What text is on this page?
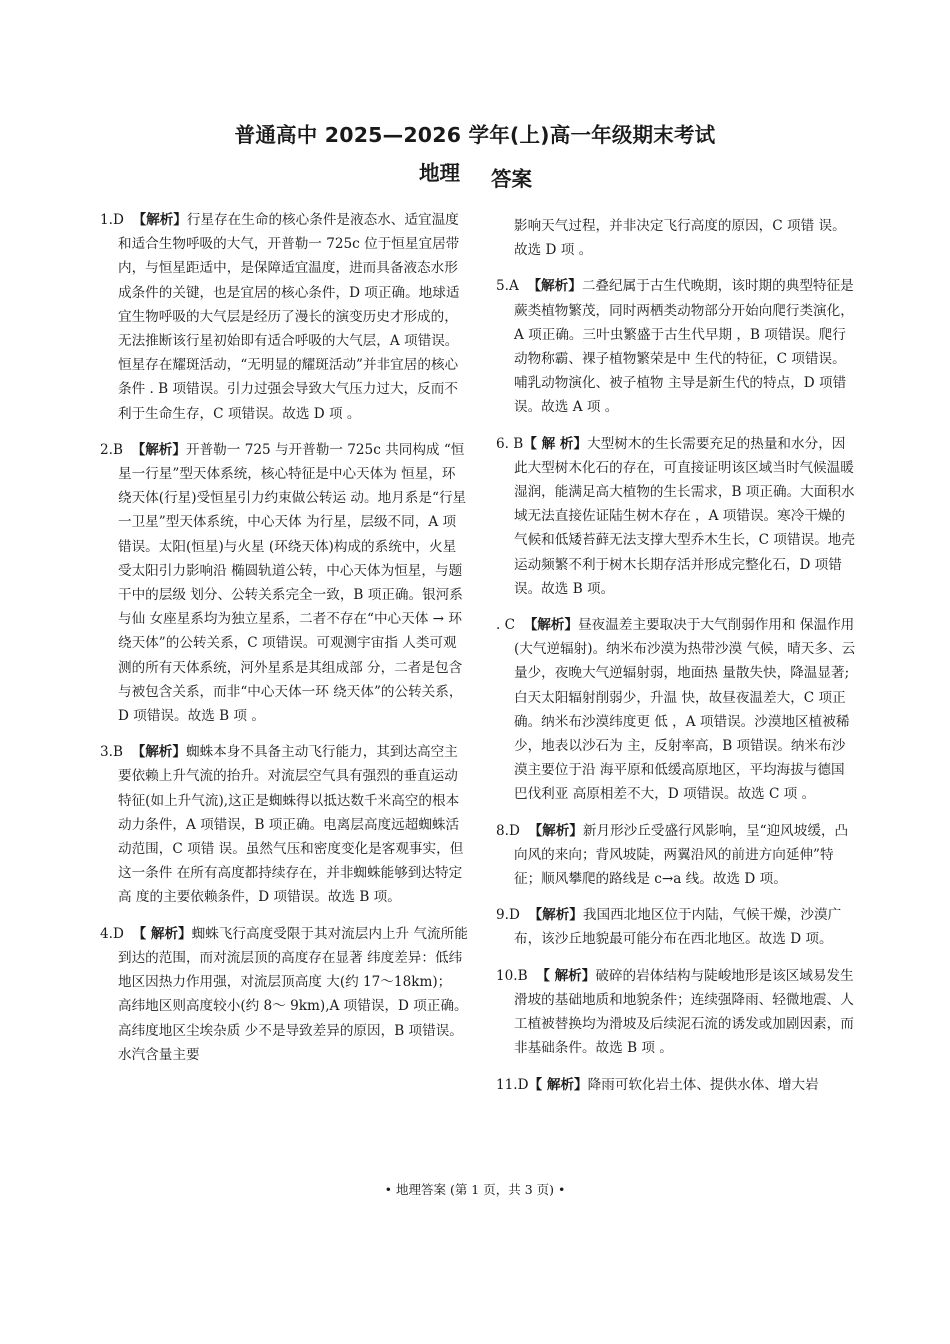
普通高中 2025—2026 学年(上)高一年级期末考试
地理 答案
1.D 【解析】行星存在生命的核心条件是液态水、适宜温度和适合生物呼吸的大气，开普勒一 725c 位于恒星宜居带内，与恒星距适中，是保障适宜温度，进而具备液态水形成条件的关键，也是宜居的核心条件，D 项正确。地球适宜生物呼吸的大气层是经历了漫长的演变历史才形成的，无法推断该行星初始即有适合呼吸的大气层，A 项错误。恒星存在耀斑活动，“无明显的耀斑活动”并非宜居的核心条件 . B 项错误。引力过强会导致大气压力过大，反而不利于生命生存，C 项错误。故选 D 项 。
2.B 【解析】开普勒一 725 与开普勒一 725c 共同构成 “恒星一行星”型天体系统，核心特征是中心天体为 恒星，环绕天体(行星)受恒星引力约束做公转运 动。地月系是“行星一卫星”型天体系统，中心天体 为行星，层级不同，A 项错误。太阳(恒星)与火星 (环绕天体)构成的系统中，火星受太阳引力影响沿 椭圆轨道公转，中心天体为恒星，与题干中的层级 划分、公转关系完全一致，B 项正确。银河系与仙 女座星系均为独立星系，二者不存在“中心天体 → 环绕天体”的公转关系，C 项错误。可观测宇宙指 人类可观测的所有天体系统，河外星系是其组成部 分，二者是包含与被包含关系，而非“中心天体一环 绕天体”的公转关系，D 项错误。故选 B 项 。
3.B 【解析】蜘蛛本身不具备主动飞行能力，其到达高空主要依赖上升气流的抬升。对流层空气具有强烈的垂直运动特征(如上升气流),这正是蜘蛛得以抵达数千米高空的根本动力条件，A 项错误，B 项正确。电离层高度远超蜘蛛活动范围，C 项错 误。虽然气压和密度变化是客观事实，但这一条件 在所有高度都持续存在，并非蜘蛛能够到达特定高 度的主要依赖条件，D 项错误。故选 B 项。
4.D 【 解析】蜘蛛飞行高度受限于其对流层内上升 气流所能到达的范围，而对流层顶的高度存在显著 纬度差异：低纬地区因热力作用强，对流层顶高度 大(约 17～18km)； 高纬地区则高度较小(约 8～ 9km),A 项错误，D 项正确。高纬度地区尘埃杂质 少不是导致差异的原因，B 项错误。水汽含量主要
影响天气过程，并非决定飞行高度的原因，C 项错 误。故选 D 项 。
5.A 【解析】二叠纪属于古生代晚期，该时期的典型特征是蕨类植物繁茂，同时两栖类动物部分开始向爬行类演化，A 项正确。三叶虫繁盛于古生代早期 ，B 项错误。爬行动物称霸、裸子植物繁荣是中 生代的特征，C 项错误。哺乳动物演化、被子植物 主导是新生代的特点，D 项错误。故选 A 项 。
6. B【 解 析】大型树木的生长需要充足的热量和水分，因此大型树木化石的存在，可直接证明该区域当时气候温暖湿润，能满足高大植物的生长需求，B 项正确。大面积水域无法直接佐证陆生树木存在 ，A 项错误。寒冷干燥的气候和低矮苔藓无法支撑大型乔木生长，C 项错误。地壳运动频繁不利于树木长期存活并形成完整化石，D 项错误。故选 B 项。
. C 【解析】昼夜温差主要取决于大气削弱作用和 保温作用(大气逆辐射)。纳米布沙漠为热带沙漠 气候，晴天多、云量少，夜晚大气逆辐射弱，地面热 量散失快，降温显著;白天太阳辐射削弱少，升温 快，故昼夜温差大，C 项正确。纳米布沙漠纬度更 低 ，A 项错误。沙漠地区植被稀少，地表以沙石为 主，反射率高，B 项错误。纳米布沙漠主要位于沿 海平原和低缓高原地区，平均海拔与德国巴伐利亚 高原相差不大，D 项错误。故选 C 项 。
8.D 【解析】新月形沙丘受盛行风影响，呈“迎风坡缓，凸向风的来向；背风坡陡，两翼沿风的前进方向延伸”特征；顺风攀爬的路线是 c→a 线。故选 D 项。
9.D 【解析】我国西北地区位于内陆，气候干燥，沙漠广布，该沙丘地貌最可能分布在西北地区。故选 D 项。
10.B 【 解析】破碎的岩体结构与陡峻地形是该区域易发生滑坡的基础地质和地貌条件；连续强降雨、轻微地震、人工植被替换均为滑坡及后续泥石流的诱发或加剧因素，而非基础条件。故选 B 项 。
11.D【 解析】降雨可软化岩土体、提供水体、增大岩
• 地理答案 (第 1 页，共 3 页) •
